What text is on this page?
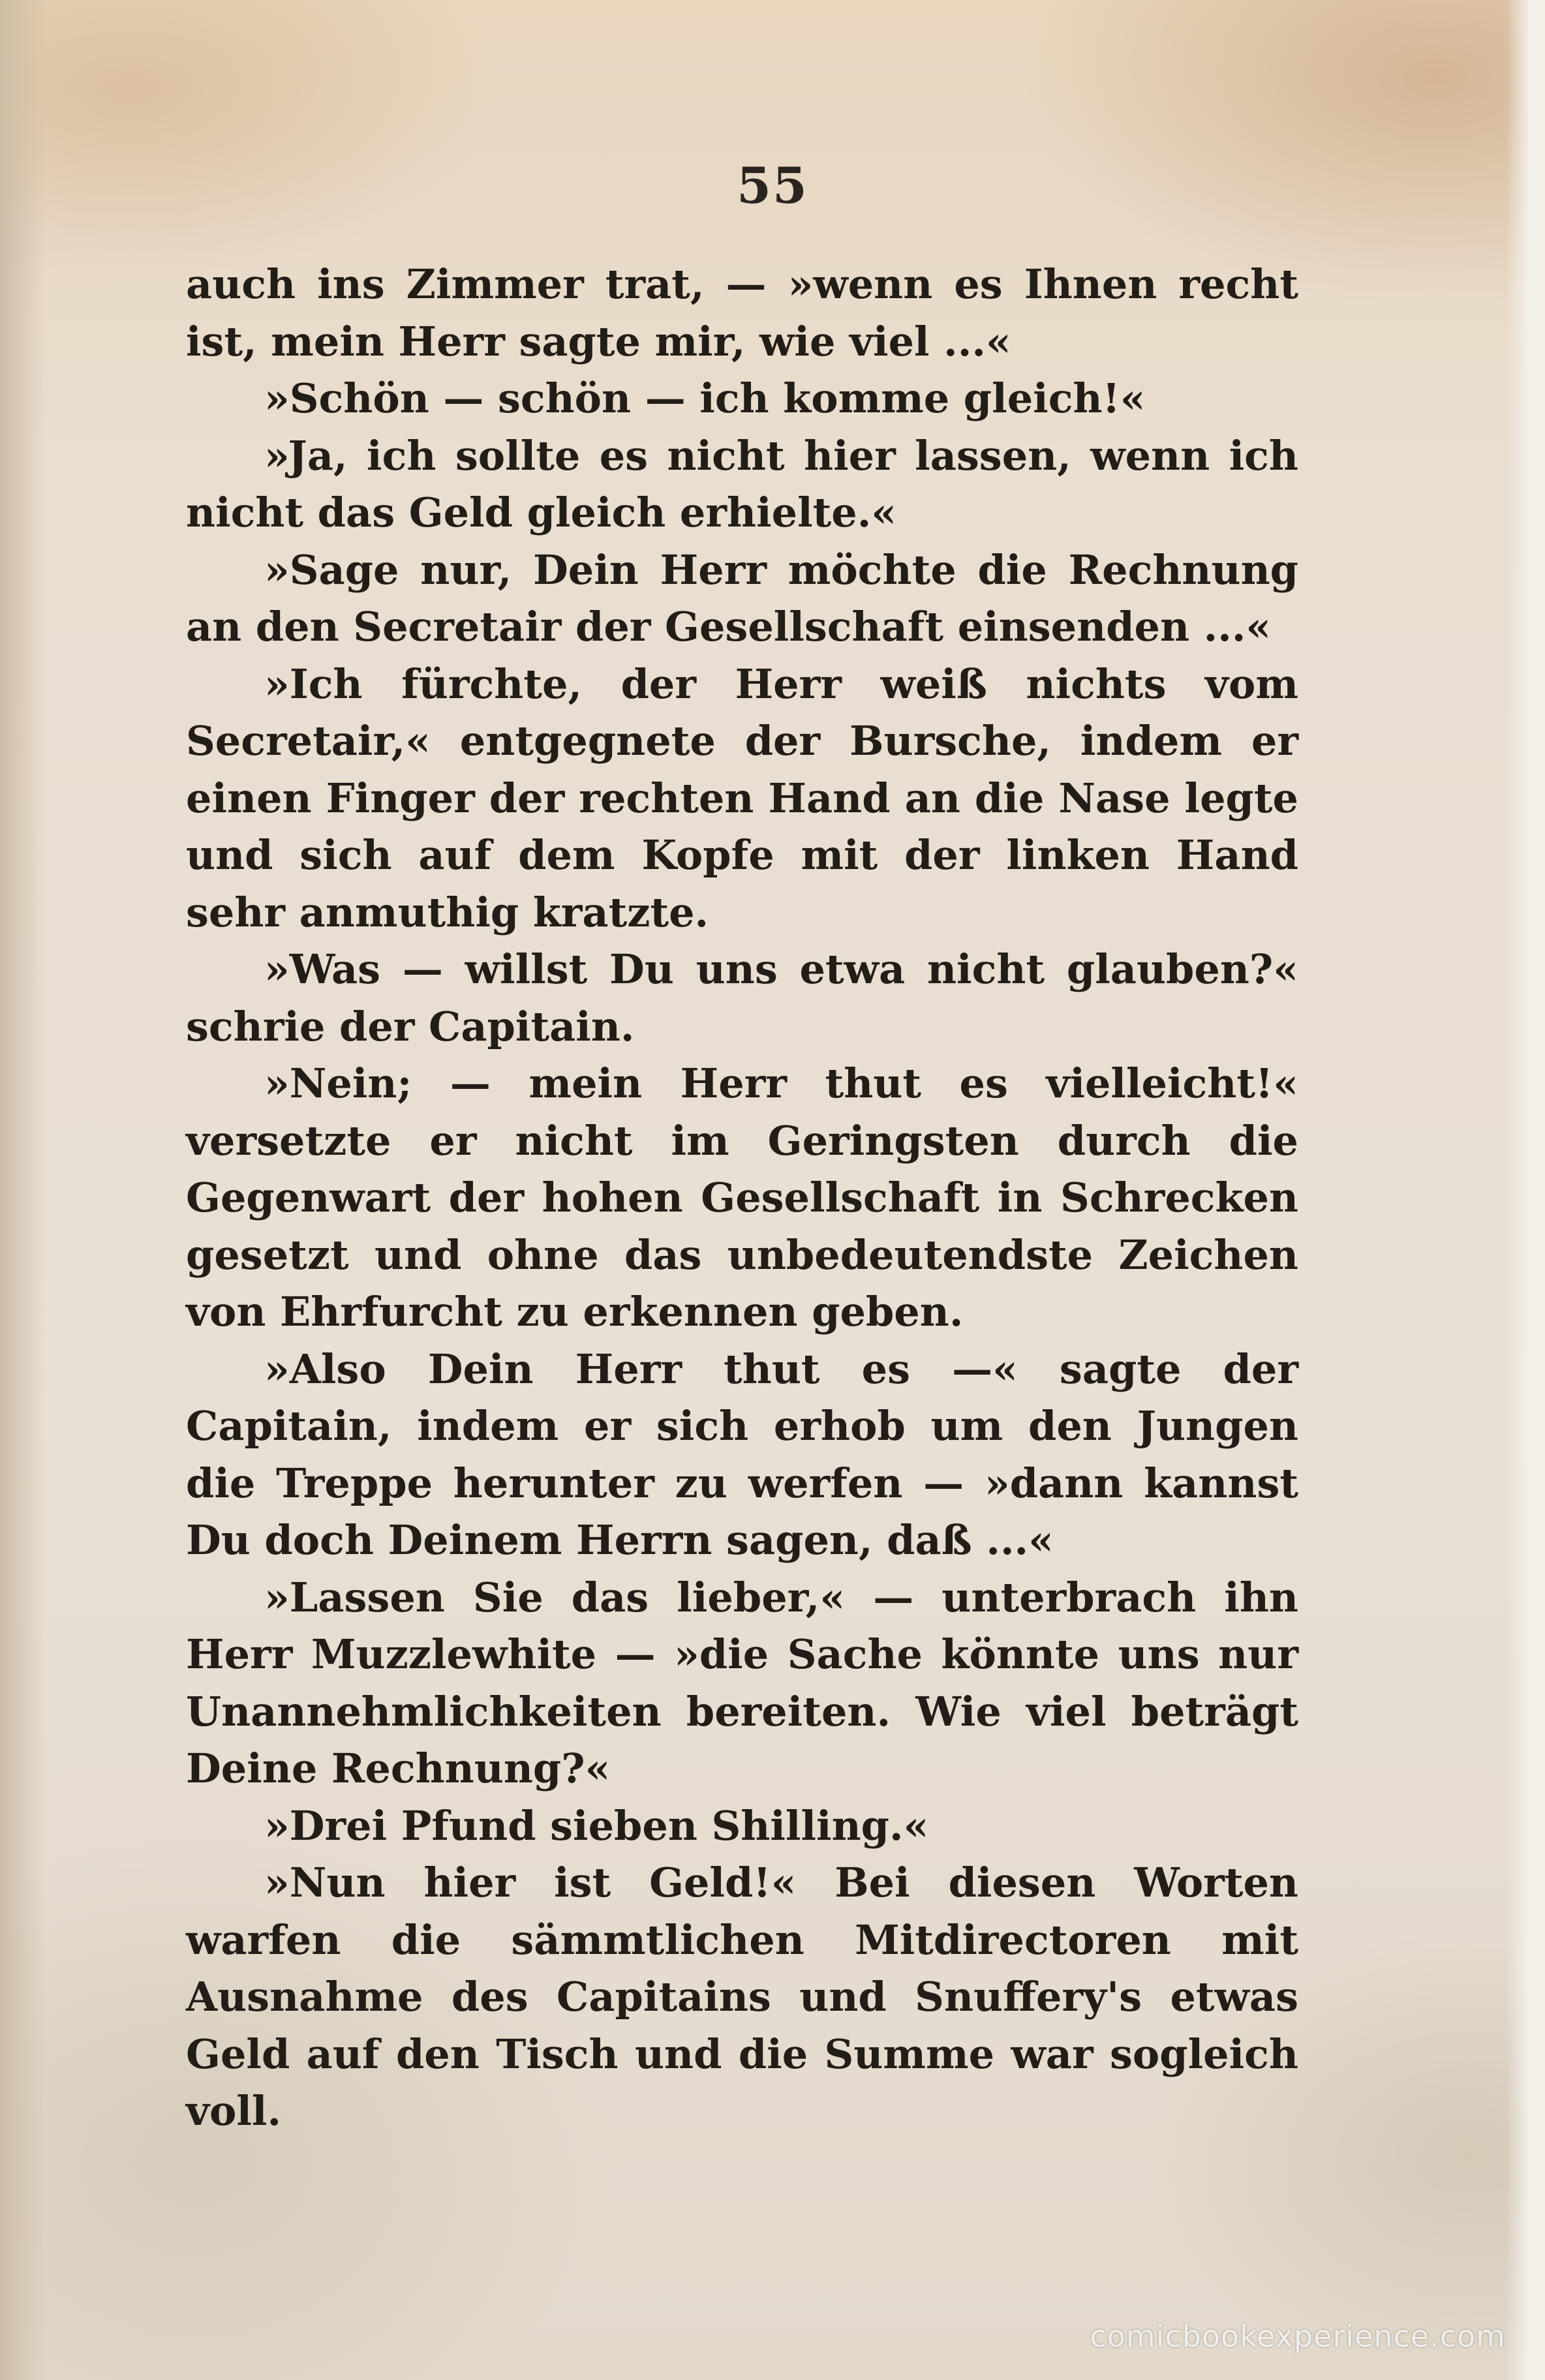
55

auch ins Zimmer trat, — »wenn es Ihnen recht ist, mein Herr sagte mir, wie viel ...«

»Schön — schön — ich komme gleich!«

»Ja, ich sollte es nicht hier lassen, wenn ich nicht das Geld gleich erhielte.«

»Sage nur, Dein Herr möchte die Rechnung an den Secretair der Gesellschaft einsenden ...«

»Ich fürchte, der Herr weiß nichts vom Secretair,« entgegnete der Bursche, indem er einen Finger der rechten Hand an die Nase legte und sich auf dem Kopfe mit der linken Hand sehr anmuthig kratzte.

»Was — willst Du uns etwa nicht glauben?« schrie der Capitain.

»Nein; — mein Herr thut es vielleicht!« versetzte er nicht im Geringsten durch die Gegenwart der hohen Gesellschaft in Schrecken gesetzt und ohne das unbedeutendste Zeichen von Ehrfurcht zu erkennen geben.

»Also Dein Herr thut es —« sagte der Capitain, indem er sich erhob um den Jungen die Treppe herunter zu werfen — »dann kannst Du doch Deinem Herrn sagen, daß ...«

»Lassen Sie das lieber,« — unterbrach ihn Herr Muzzlewhite — »die Sache könnte uns nur Unannehmlichkeiten bereiten. Wie viel beträgt Deine Rechnung?«

»Drei Pfund sieben Shilling.«

»Nun hier ist Geld!« Bei diesen Worten warfen die sämmtlichen Mitdirectoren mit Ausnahme des Capitains und Snuffery's etwas Geld auf den Tisch und die Summe war sogleich voll.

comicbookexperience.com
